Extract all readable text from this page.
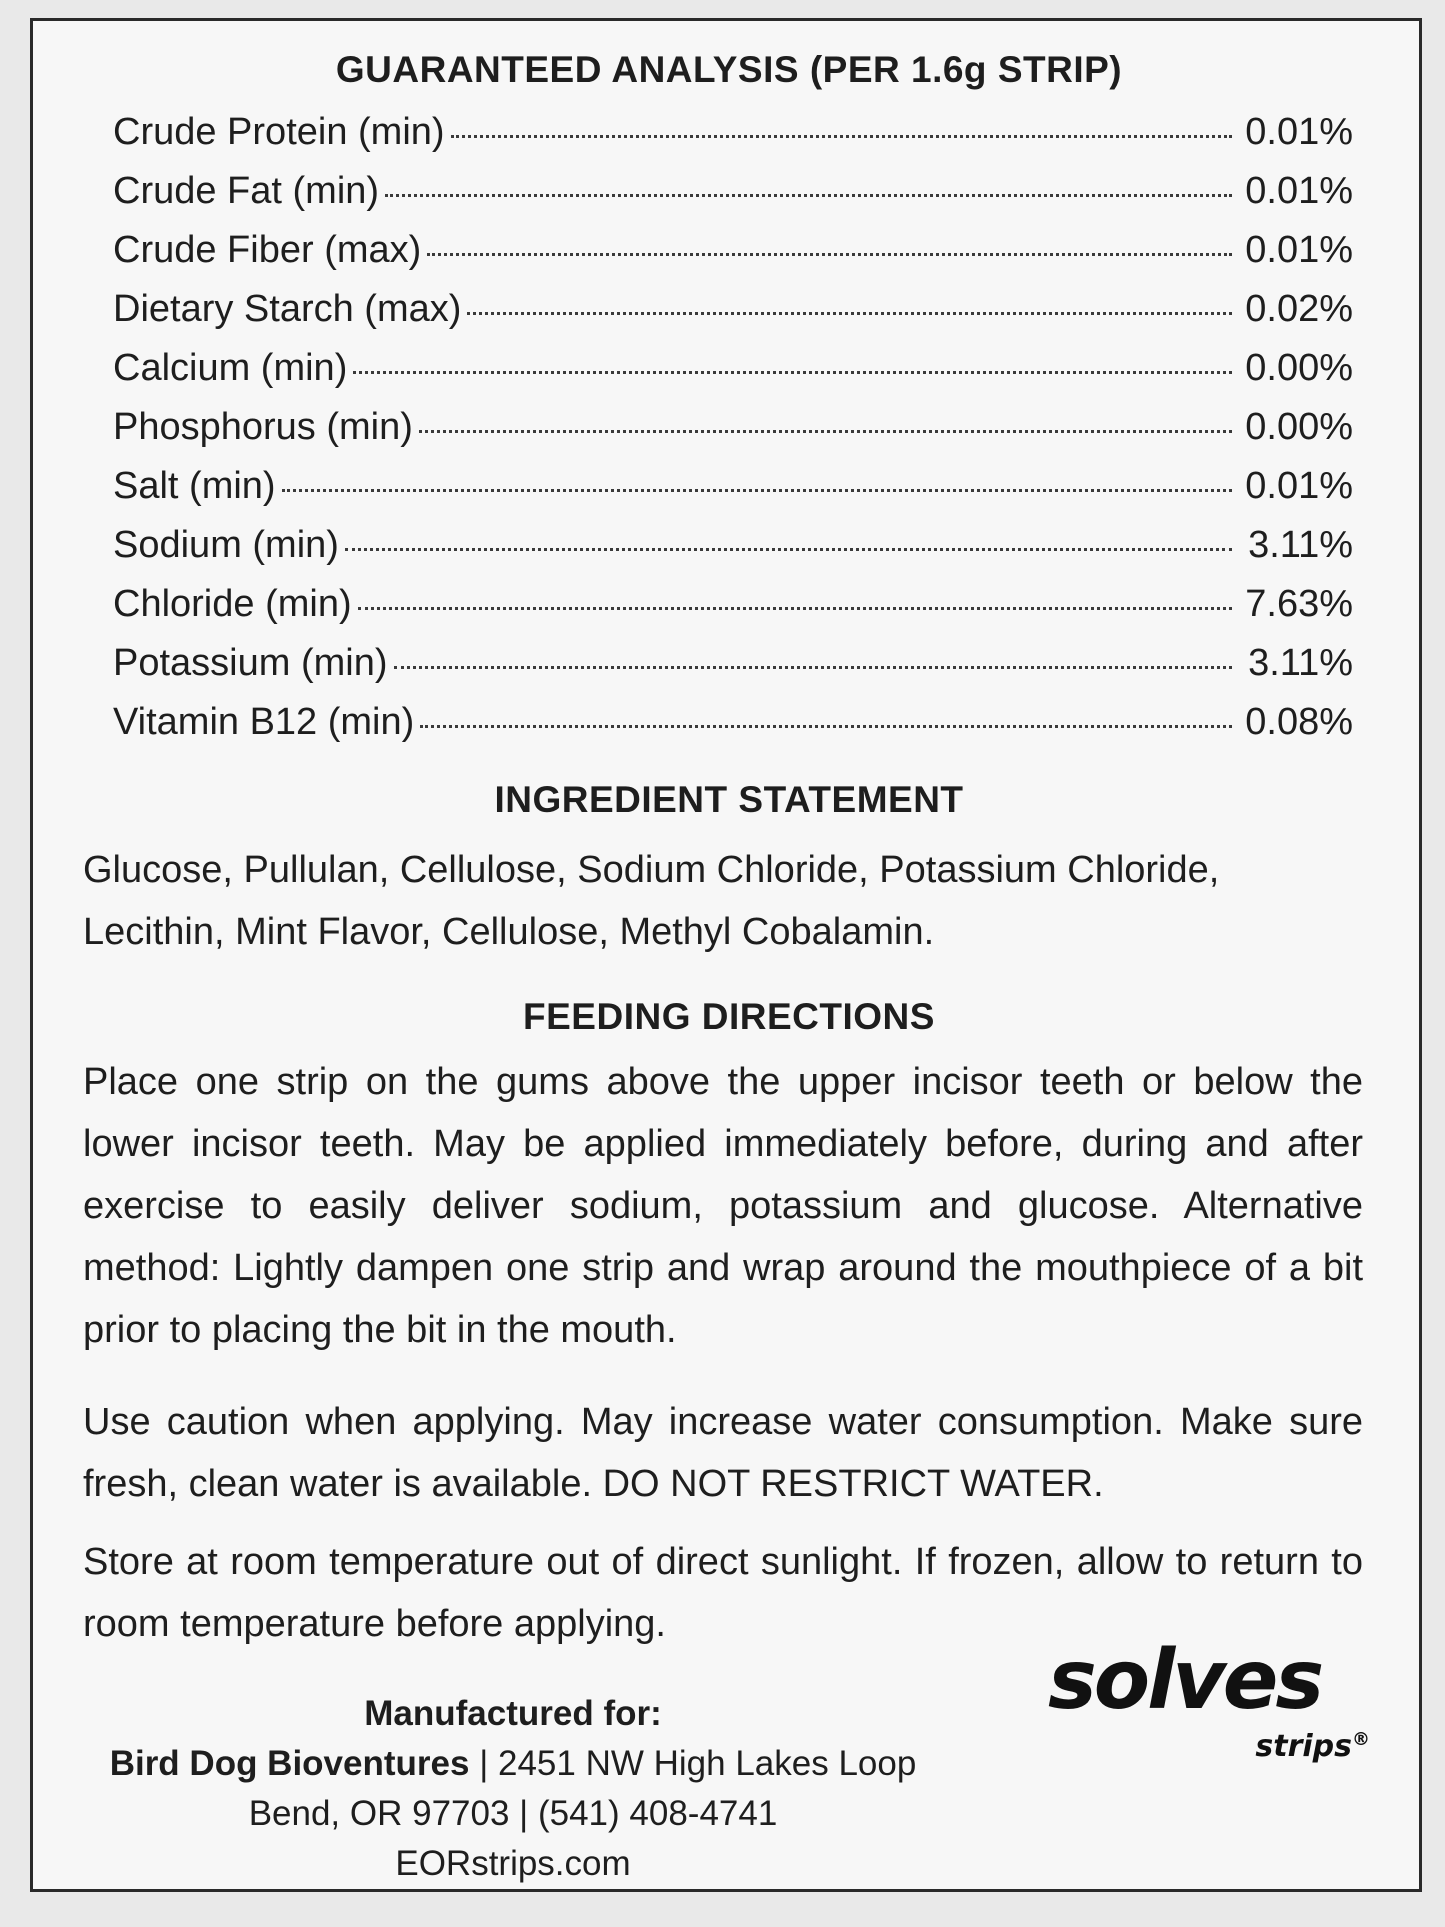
GUARANTEED ANALYSIS (PER 1.6g STRIP)
Crude Protein (min)	0.01%
Crude Fat (min)	0.01%
Crude Fiber (max)	0.01%
Dietary Starch (max)	0.02%
Calcium (min)	0.00%
Phosphorus (min)	0.00%
Salt (min)	0.01%
Sodium (min)	3.11%
Chloride (min)	7.63%
Potassium (min)	3.11%
Vitamin B12 (min)	0.08%
INGREDIENT STATEMENT

Glucose, Pullulan, Cellulose, Sodium Chloride, Potassium Chloride, Lecithin, Mint Flavor, Cellulose, Methyl Cobalamin.

FEEDING DIRECTIONS

Place one strip on the gums above the upper incisor teeth or below the lower incisor teeth. May be applied immediately before, during and after exercise to easily deliver sodium, potassium and glucose. Alternative method: Lightly dampen one strip and wrap around the mouthpiece of a bit prior to placing the bit in the mouth.

Use caution when applying. May increase water consumption. Make sure fresh, clean water is available. DO NOT RESTRICT WATER.

Store at room temperature out of direct sunlight. If frozen, allow to return to room temperature before applying.

Manufactured for:
Bird Dog Bioventures | 2451 NW High Lakes Loop
Bend, OR 97703 | (541) 408-4741
EORstrips.com
solves
strips®
